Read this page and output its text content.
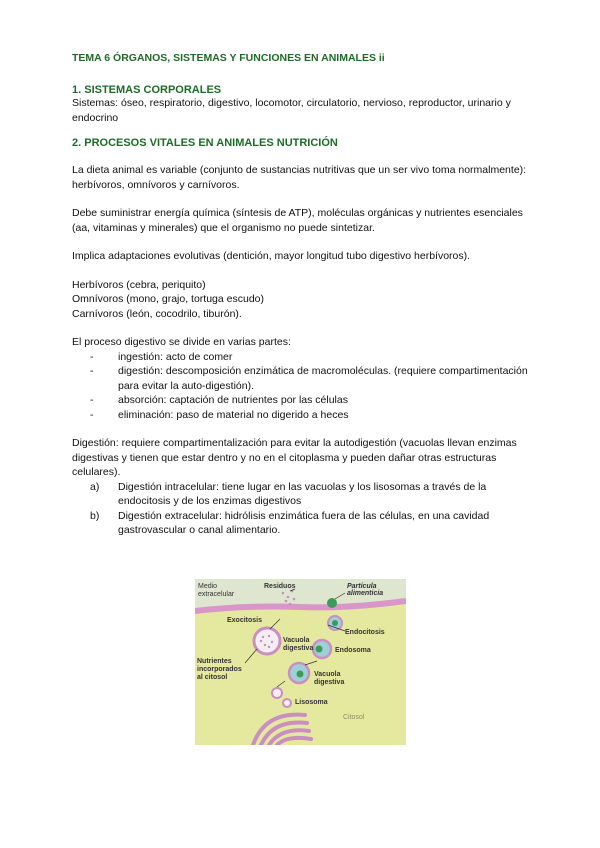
TEMA 6 ÓRGANOS, SISTEMAS Y FUNCIONES EN ANIMALES ii
1. SISTEMAS CORPORALES

Sistemas: óseo, respiratorio, digestivo, locomotor, circulatorio, nervioso, reproductor, urinario y endocrino

2. PROCESOS VITALES EN ANIMALES NUTRICIÓN

La dieta animal es variable (conjunto de sustancias nutritivas que un ser vivo toma normalmente): herbívoros, omnívoros y carnívoros.

Debe suministrar energía química (síntesis de ATP), moléculas orgánicas y nutrientes esenciales (aa, vitaminas y minerales) que el organismo no puede sintetizar.

Implica adaptaciones evolutivas (dentición, mayor longitud tubo digestivo herbívoros).

Herbívoros (cebra, periquito)
Omnívoros (mono, grajo, tortuga escudo)
Carnívoros (león, cocodrilo, tiburón).

El proceso digestivo se divide en varias partes:

- ingestión: acto de comer
- digestión: descomposición enzimática de macromoléculas. (requiere compartimentación para evitar la auto-digestión).
- absorción: captación de nutrientes por las células
- eliminación: paso de material no digerido a heces

Digestión: requiere compartimentalización para evitar la autodigestión (vacuolas llevan enzimas digestivas y tienen que estar dentro y no en el citoplasma y pueden dañar otras estructuras celulares).

a) Digestión intracelular: tiene lugar en las vacuolas y los lisosomas a través de la endocitosis y de los enzimas digestivos
b) Digestión extracelular: hidrólisis enzimática fuera de las células, en una cavidad gastrovascular o canal alimentario.
Medio
extracelular
Residuos	Partícula
alimenticia
Exocitosis
Endocitosis
Vacuola
digestiva	Endosoma
Nutrientes
incorporados
al citosol	Vacuola
digestiva
Lisosoma
Citosol
